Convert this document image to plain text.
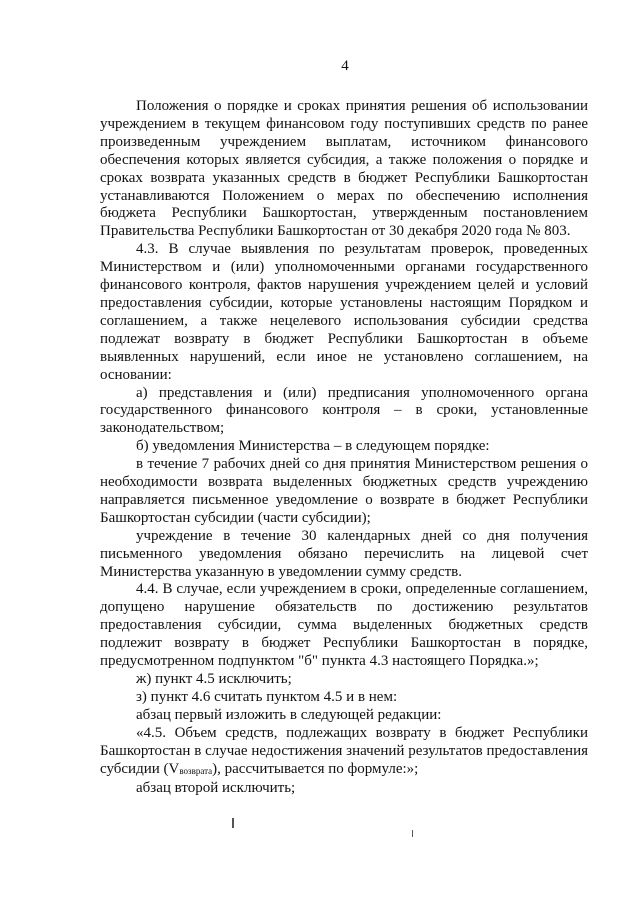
4

Положения о порядке и сроках принятия решения об использовании учреждением в текущем финансовом году поступивших средств по ранее произведенным учреждением выплатам, источником финансового обеспечения которых является субсидия, а также положения о порядке и сроках возврата указанных средств в бюджет Республики Башкортостан устанавливаются Положением о мерах по обеспечению исполнения бюджета Республики Башкортостан, утвержденным постановлением Правительства Республики Башкортостан от 30 декабря 2020 года № 803.

4.3. В случае выявления по результатам проверок, проведенных Министерством и (или) уполномоченными органами государственного финансового контроля, фактов нарушения учреждением целей и условий предоставления субсидии, которые установлены настоящим Порядком и соглашением, а также нецелевого использования субсидии средства подлежат возврату в бюджет Республики Башкортостан в объеме выявленных нарушений, если иное не установлено соглашением, на основании:

а) представления и (или) предписания уполномоченного органа государственного финансового контроля – в сроки, установленные законодательством;

б) уведомления Министерства – в следующем порядке:

в течение 7 рабочих дней со дня принятия Министерством решения о необходимости возврата выделенных бюджетных средств учреждению направляется письменное уведомление о возврате в бюджет Республики Башкортостан субсидии (части субсидии);

учреждение в течение 30 календарных дней со дня получения письменного уведомления обязано перечислить на лицевой счет Министерства указанную в уведомлении сумму средств.

4.4. В случае, если учреждением в сроки, определенные соглашением, допущено нарушение обязательств по достижению результатов предоставления субсидии, сумма выделенных бюджетных средств подлежит возврату в бюджет Республики Башкортостан в порядке, предусмотренном подпунктом "б" пункта 4.3 настоящего Порядка.»;

ж) пункт 4.5 исключить;

з) пункт 4.6 считать пунктом 4.5 и в нем:

абзац первый изложить в следующей редакции:

«4.5. Объем средств, подлежащих возврату в бюджет Республики Башкортостан в случае недостижения значений результатов предоставления субсидии (Vвозврата), рассчитывается по формуле:»;

абзац второй исключить;
